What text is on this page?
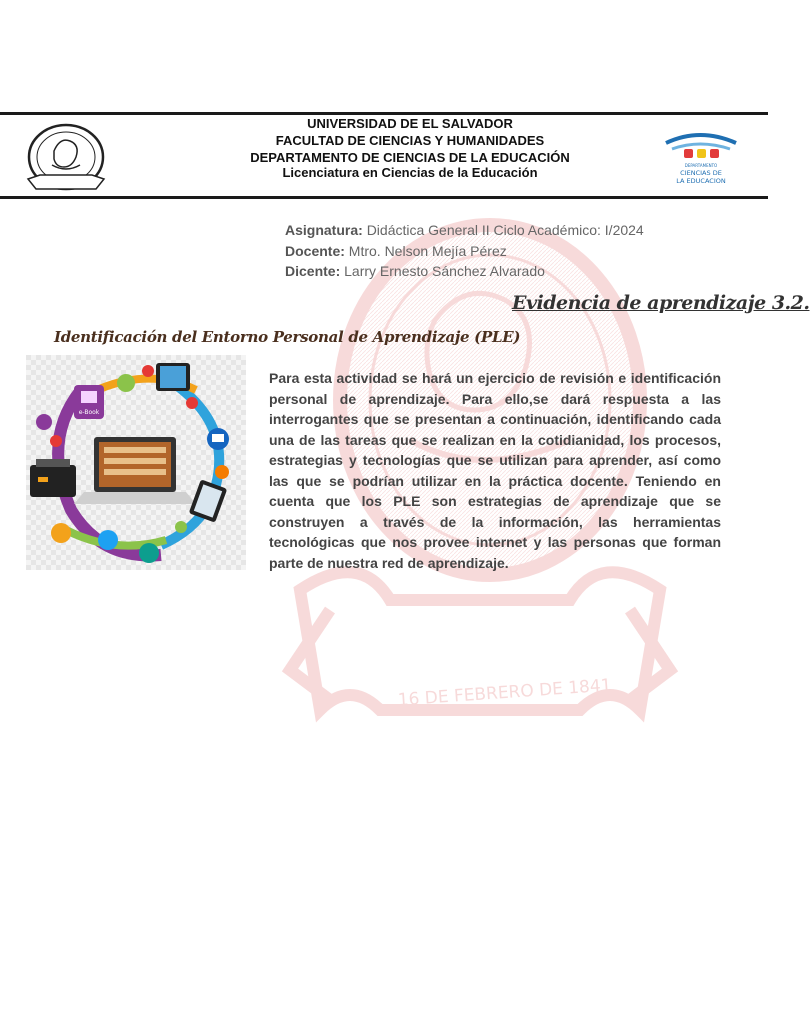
16 DE FEBRERO DE 1841
UNIVERSIDAD DE EL SALVADOR
FACULTAD DE CIENCIAS Y HUMANIDADES
DEPARTAMENTO DE CIENCIAS DE LA EDUCACIÓN
Licenciatura en Ciencias de la Educación	DEPARTAMENTO
CIENCIAS DE
LA EDUCACION
Asignatura: Didáctica General II Ciclo Académico: I/2024
Docente: Mtro. Nelson Mejía Pérez
Dicente: Larry Ernesto Sánchez Alvarado
Evidencia de aprendizaje 3.2.
Identificación del Entorno Personal de Aprendizaje (PLE)
e-Book

Para esta actividad se hará un ejercicio de revisión e identificación personal de aprendizaje. Para ello,se dará respuesta a las interrogantes que se presentan a continuación, identificando cada una de las tareas que se realizan en la cotidianidad, los procesos, estrategias y tecnologías que se utilizan para aprender, así como las que se podrían utilizar en la práctica docente. Teniendo en cuenta que los PLE son estrategias de aprendizaje que se construyen a través de la información, las herramientas tecnológicas que nos provee internet y las personas que forman parte de nuestra red de aprendizaje.
